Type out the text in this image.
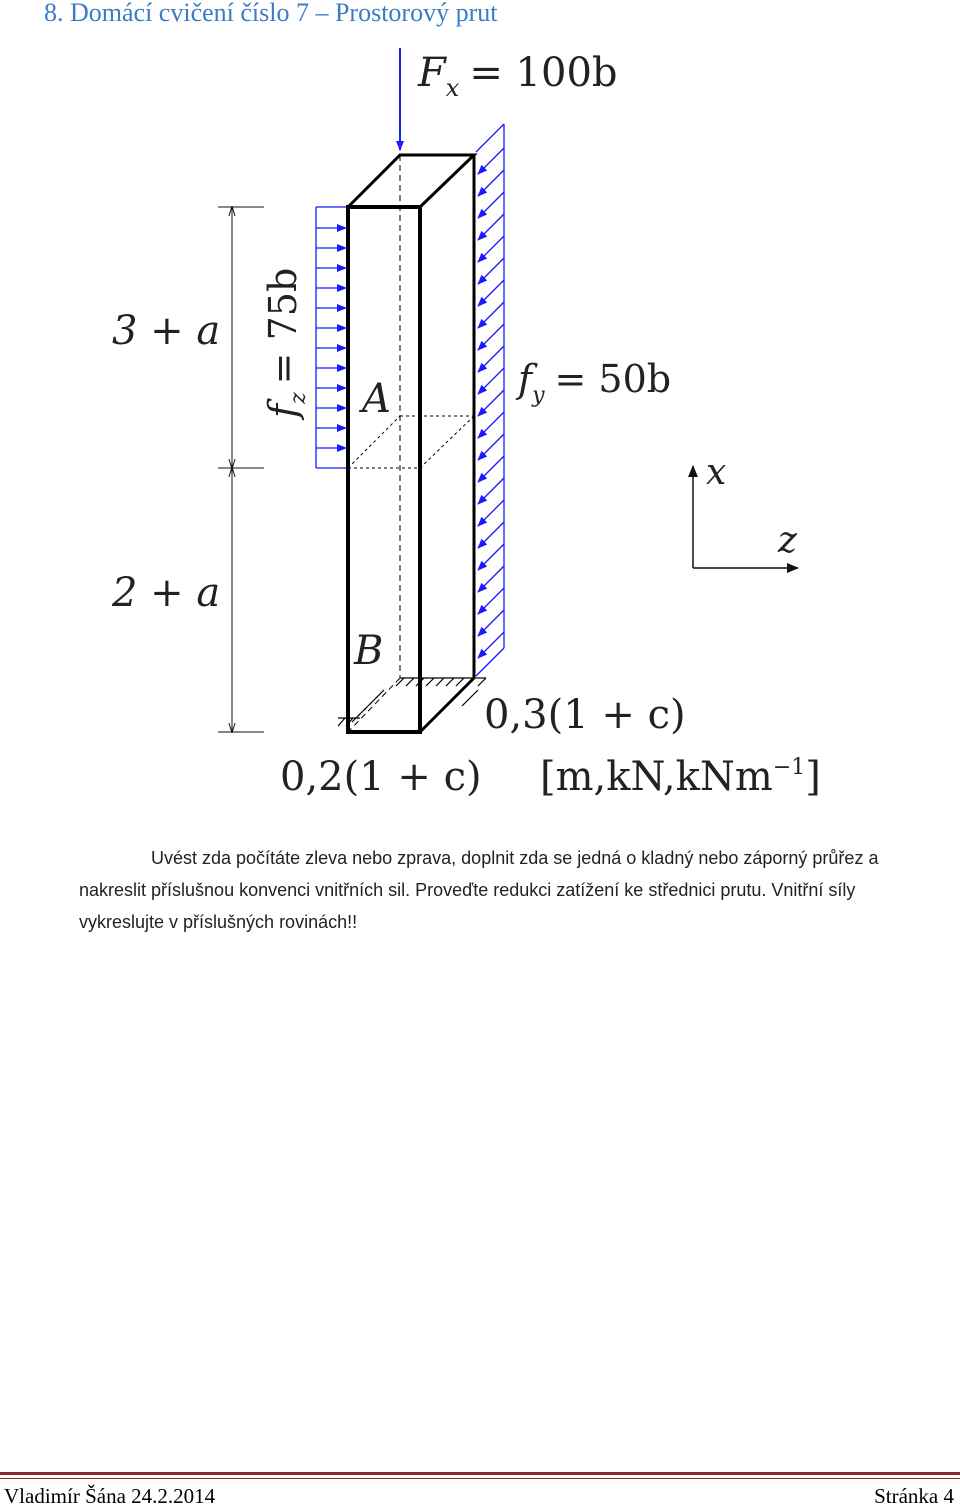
8. Domácí cvičení číslo 7 – Prostorový prut
$F_x = 100b$
$f_z= 75b$	$f_y = 50b$
3 + a
2 + a
A
B
0,3(1 + c)
0,2(1 + c) [m,kN,kNm$^{-1}$]
x
z

Uvést zda počítáte zleva nebo zprava, doplnit zda se jedná o kladný nebo záporný průřez a nakreslit příslušnou konvenci vnitřních sil. Proveďte redukci zatížení ke střednici prutu. Vnitřní síly vykreslujte v příslušných rovinách!!

Vladimír Šána 24.2.2014	Stránka 4
